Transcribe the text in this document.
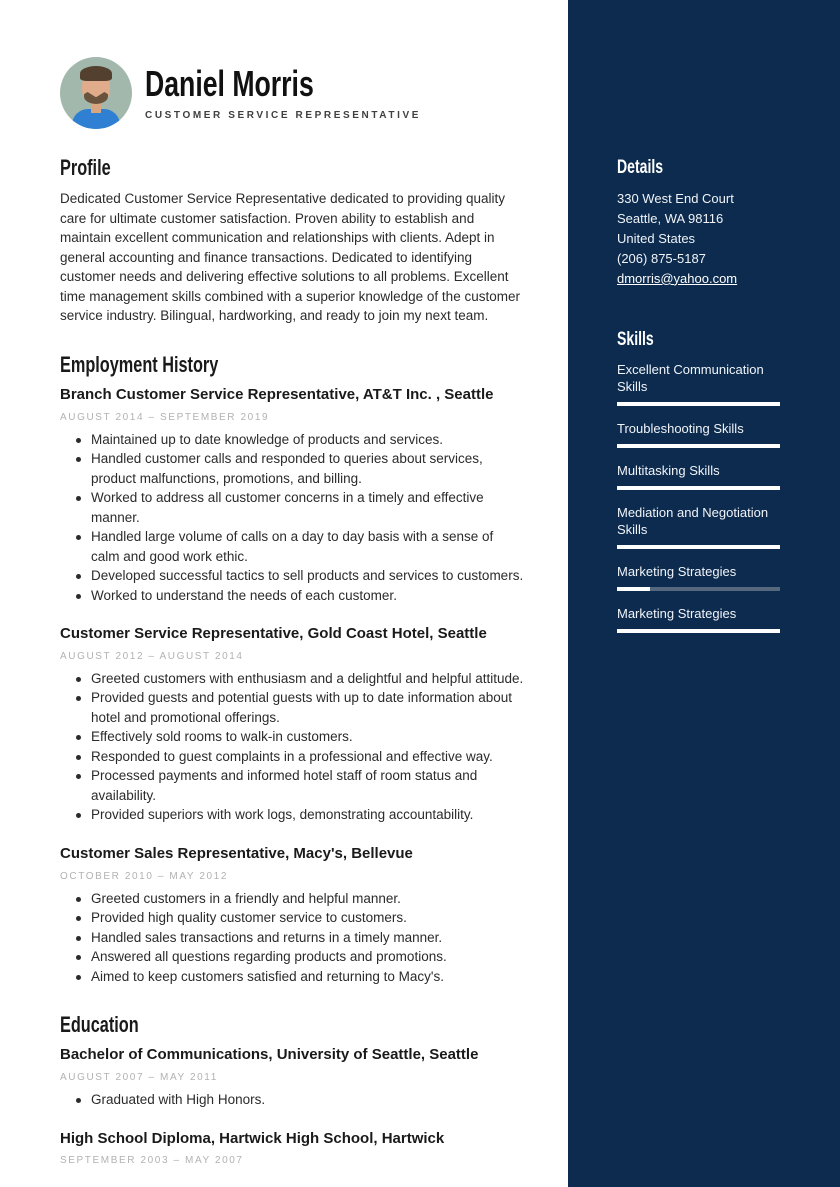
Daniel Morris
CUSTOMER SERVICE REPRESENTATIVE
Profile

Dedicated Customer Service Representative dedicated to providing quality care for ultimate customer satisfaction. Proven ability to establish and maintain excellent communication and relationships with clients. Adept in general accounting and finance transactions. Dedicated to identifying customer needs and delivering effective solutions to all problems. Excellent time management skills combined with a superior knowledge of the customer service industry. Bilingual, hardworking, and ready to join my next team.

Employment History
Branch Customer Service Representative, AT&T Inc. , Seattle
AUGUST 2014 – SEPTEMBER 2019
Maintained up to date knowledge of products and services.
Handled customer calls and responded to queries about services, product malfunctions, promotions, and billing.
Worked to address all customer concerns in a timely and effective manner.
Handled large volume of calls on a day to day basis with a sense of calm and good work ethic.
Developed successful tactics to sell products and services to customers.
Worked to understand the needs of each customer.
Customer Service Representative, Gold Coast Hotel, Seattle
AUGUST 2012 – AUGUST 2014
Greeted customers with enthusiasm and a delightful and helpful attitude.
Provided guests and potential guests with up to date information about hotel and promotional offerings.
Effectively sold rooms to walk-in customers.
Responded to guest complaints in a professional and effective way.
Processed payments and informed hotel staff of room status and availability.
Provided superiors with work logs, demonstrating accountability.
Customer Sales Representative, Macy's, Bellevue
OCTOBER 2010 – MAY 2012
Greeted customers in a friendly and helpful manner.
Provided high quality customer service to customers.
Handled sales transactions and returns in a timely manner.
Answered all questions regarding products and promotions.
Aimed to keep customers satisfied and returning to Macy's.
Education
Bachelor of Communications, University of Seattle, Seattle
AUGUST 2007 – MAY 2011
Graduated with High Honors.
High School Diploma, Hartwick High School, Hartwick
SEPTEMBER 2003 – MAY 2007
Details
330 West End Court
Seattle, WA 98116
United States
(206) 875-5187
dmorris@yahoo.com
Skills
Excellent Communication Skills
Troubleshooting Skills
Multitasking Skills
Mediation and Negotiation Skills
Marketing Strategies
Marketing Strategies
